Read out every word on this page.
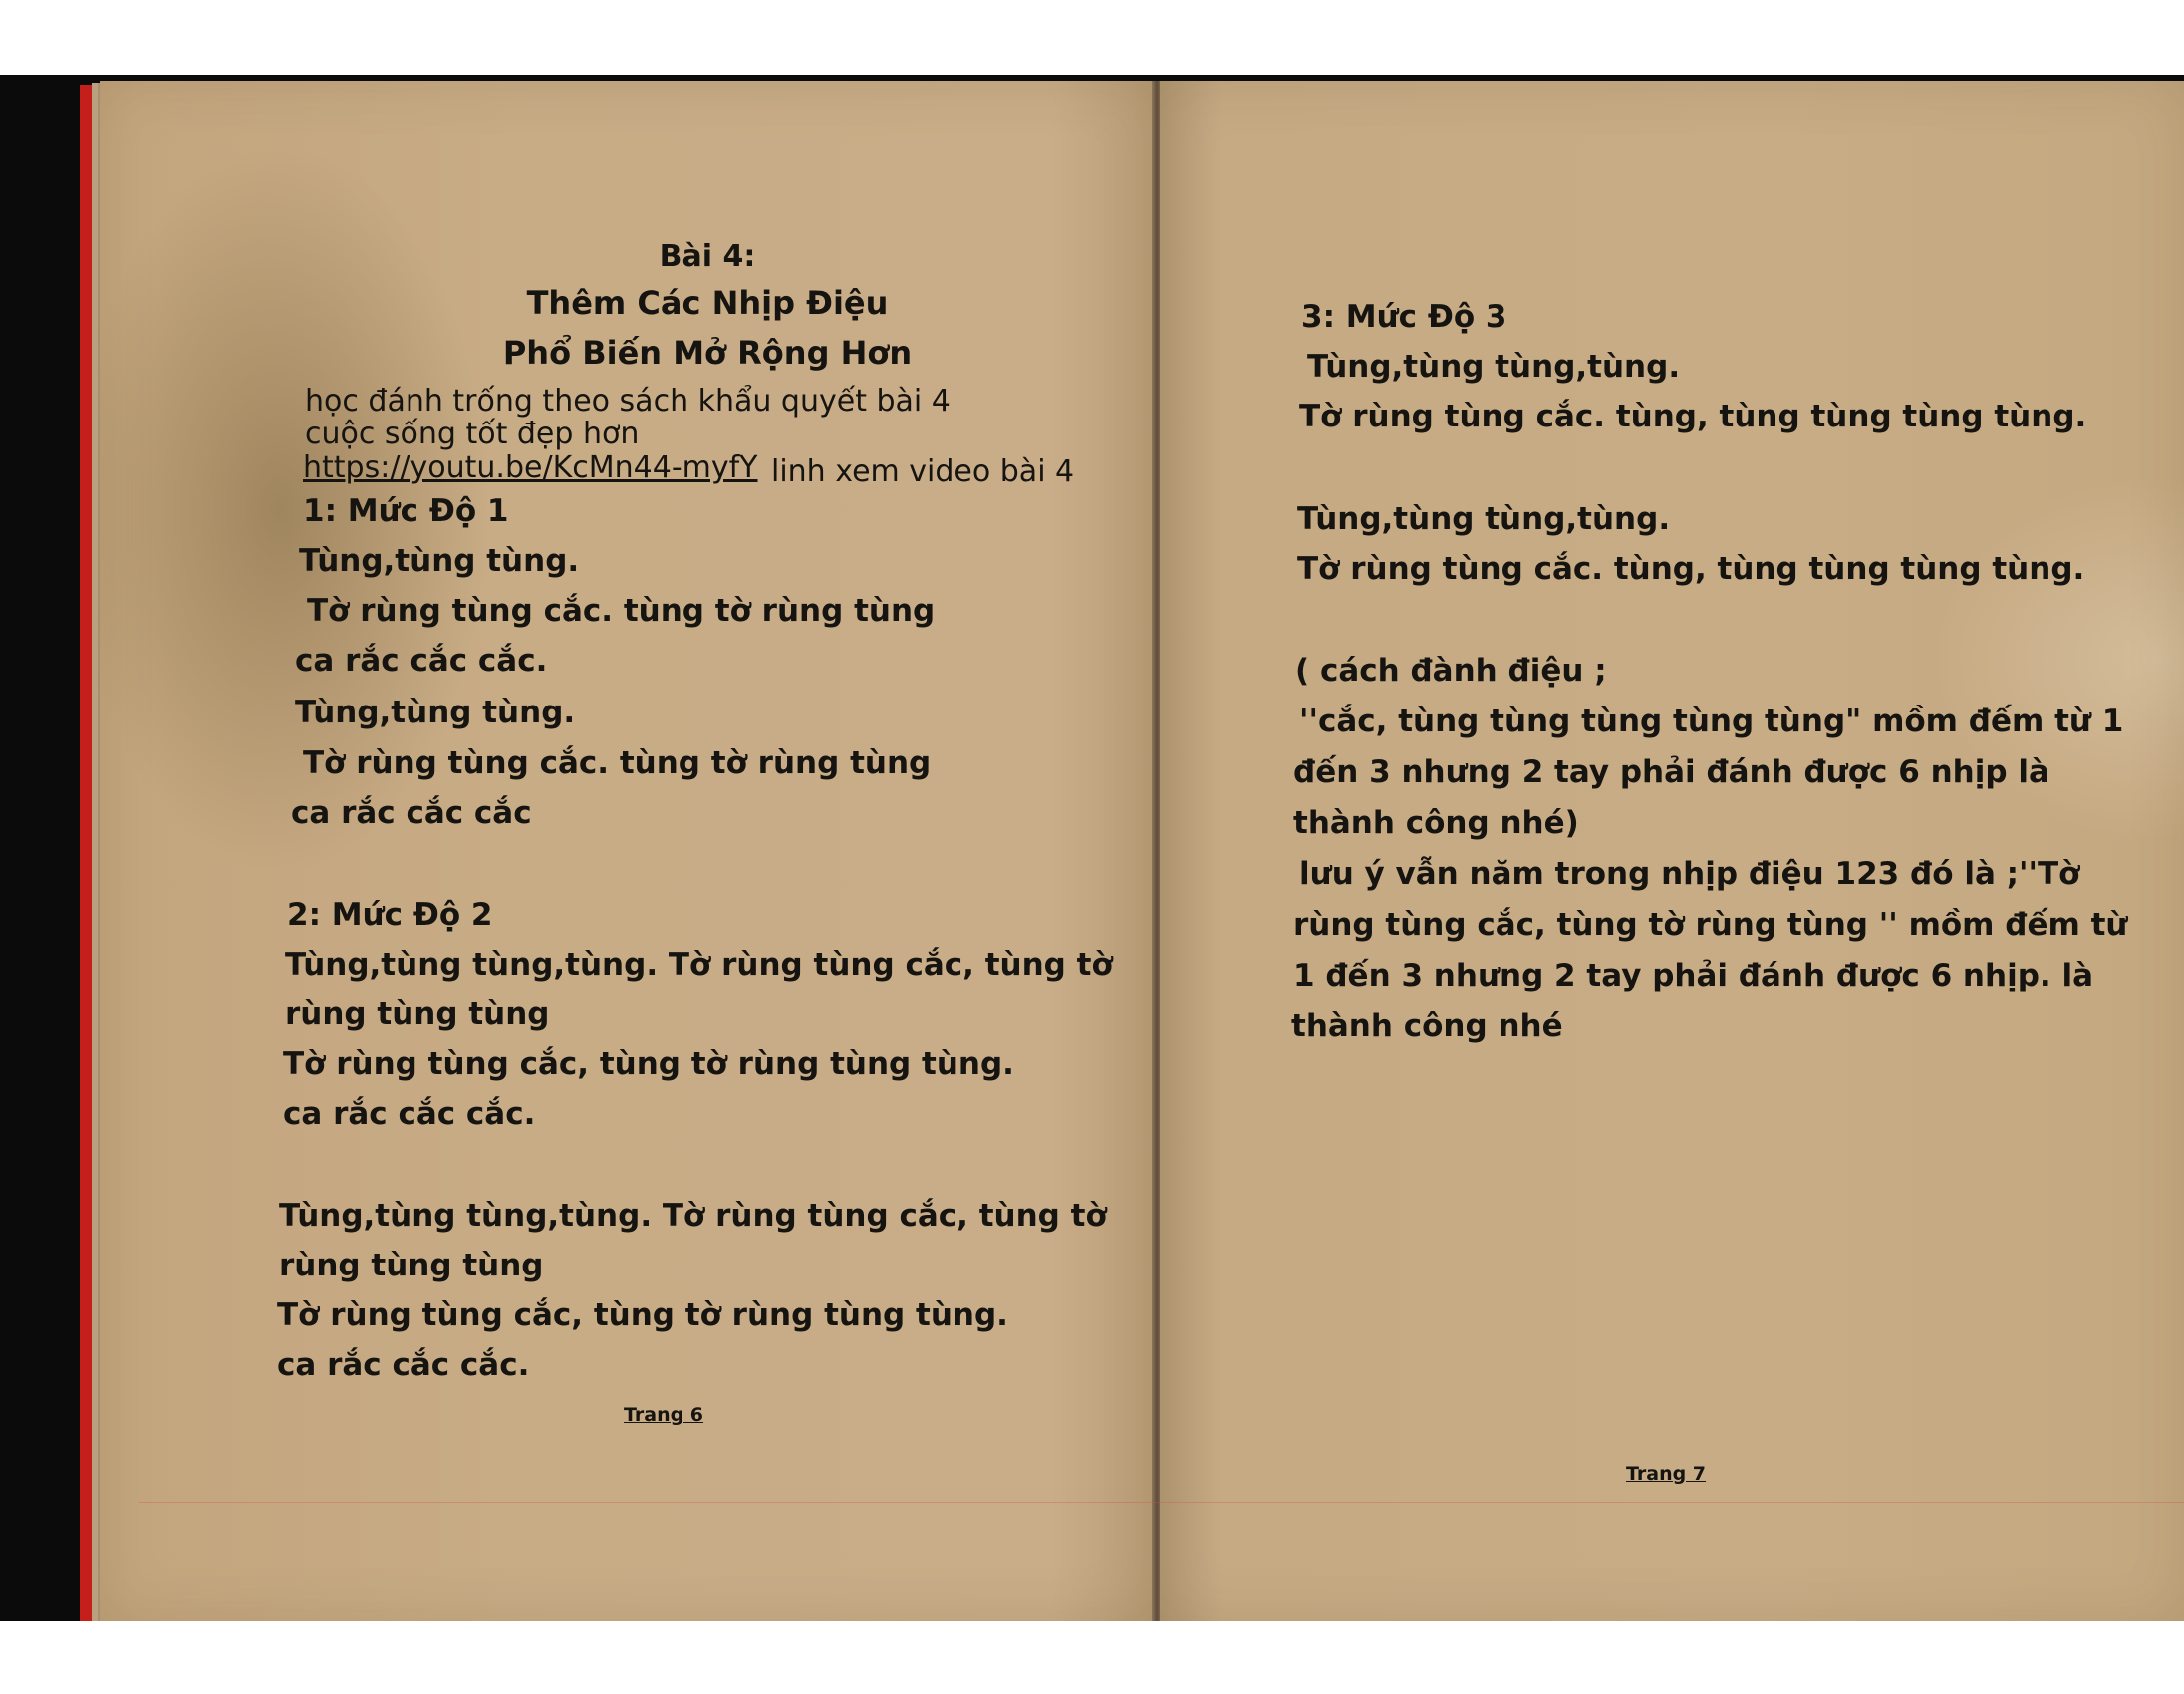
Bài 4:
Thêm Các Nhịp Điệu
Phổ Biến Mở Rộng Hơn
học đánh trống theo sách khẩu quyết bài 4
cuộc sống tốt đẹp hơn
https://youtu.be/KcMn44-myfY linh xem video bài 4
1: Mức Độ 1
Tùng,tùng tùng.
Tờ rùng tùng cắc. tùng tờ rùng tùng
ca rắc cắc cắc.
Tùng,tùng tùng.
Tờ rùng tùng cắc. tùng tờ rùng tùng
ca rắc cắc cắc
2: Mức Độ 2
Tùng,tùng tùng,tùng. Tờ rùng tùng cắc, tùng tờ
rùng tùng tùng
Tờ rùng tùng cắc, tùng tờ rùng tùng tùng.
ca rắc cắc cắc.
Tùng,tùng tùng,tùng. Tờ rùng tùng cắc, tùng tờ
rùng tùng tùng
Tờ rùng tùng cắc, tùng tờ rùng tùng tùng.
ca rắc cắc cắc.
Trang 6
3: Mức Độ 3
Tùng,tùng tùng,tùng.
Tờ rùng tùng cắc. tùng, tùng tùng tùng tùng.
Tùng,tùng tùng,tùng.
Tờ rùng tùng cắc. tùng, tùng tùng tùng tùng.
( cách đành điệu ;
''cắc, tùng tùng tùng tùng tùng" mồm đếm từ 1
đến 3 nhưng 2 tay phải đánh được 6 nhịp là
thành công nhé)
lưu ý vẫn năm trong nhịp điệu 123 đó là ;''Tờ
rùng tùng cắc, tùng tờ rùng tùng '' mồm đếm từ
1 đến 3 nhưng 2 tay phải đánh được 6 nhịp. là
thành công nhé
Trang 7
